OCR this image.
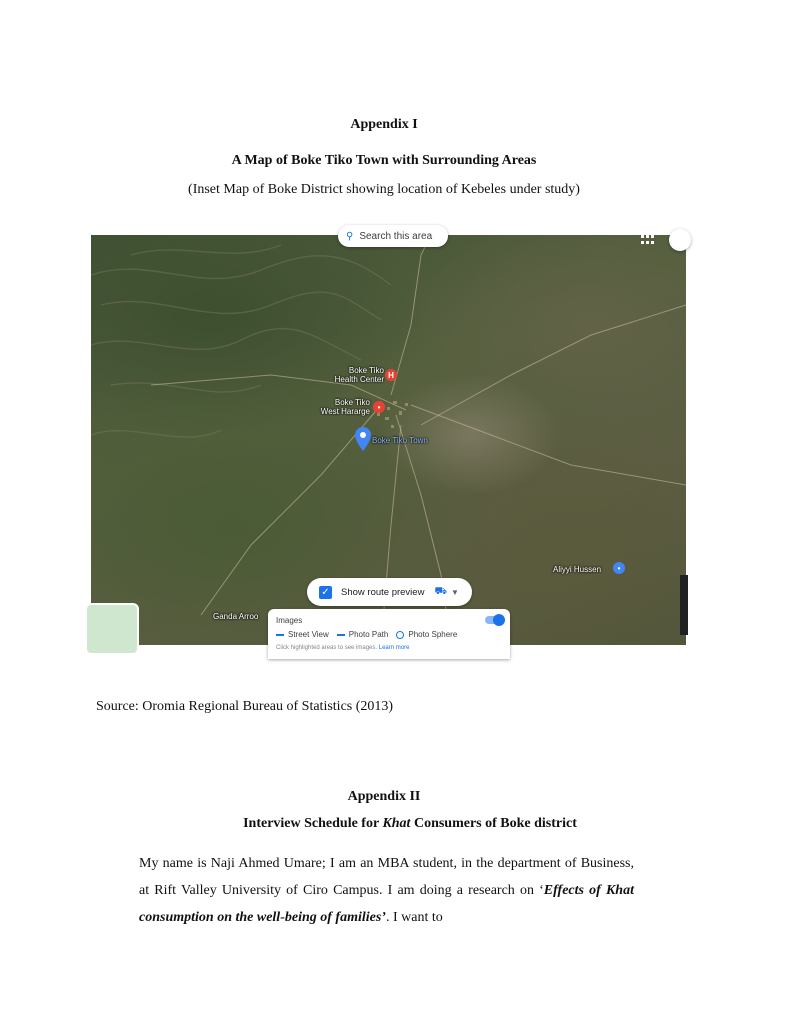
Appendix I

A Map of Boke Tiko Town with Surrounding Areas

(Inset Map of Boke District showing location of Kebeles under study)

⚲ Search this area
Boke Tiko
Health Center H
Boke Tiko
West Hararge •
Boke Tiko Town
Aliyyi Hussen	•
Ganda Arroo
✓ Show route preview ⛟ ▼
Images
Street View	Photo Path	Photo Sphere
Click highlighted areas to see images. Learn more

Source: Oromia Regional Bureau of Statistics (2013)

Appendix II

Interview Schedule for Khat Consumers of Boke district

My name is Naji Ahmed Umare; I am an MBA student, in the department of Business, at Rift Valley University of Ciro Campus. I am doing a research on ‘Effects of Khat consumption on the well-being of families’. I want to
